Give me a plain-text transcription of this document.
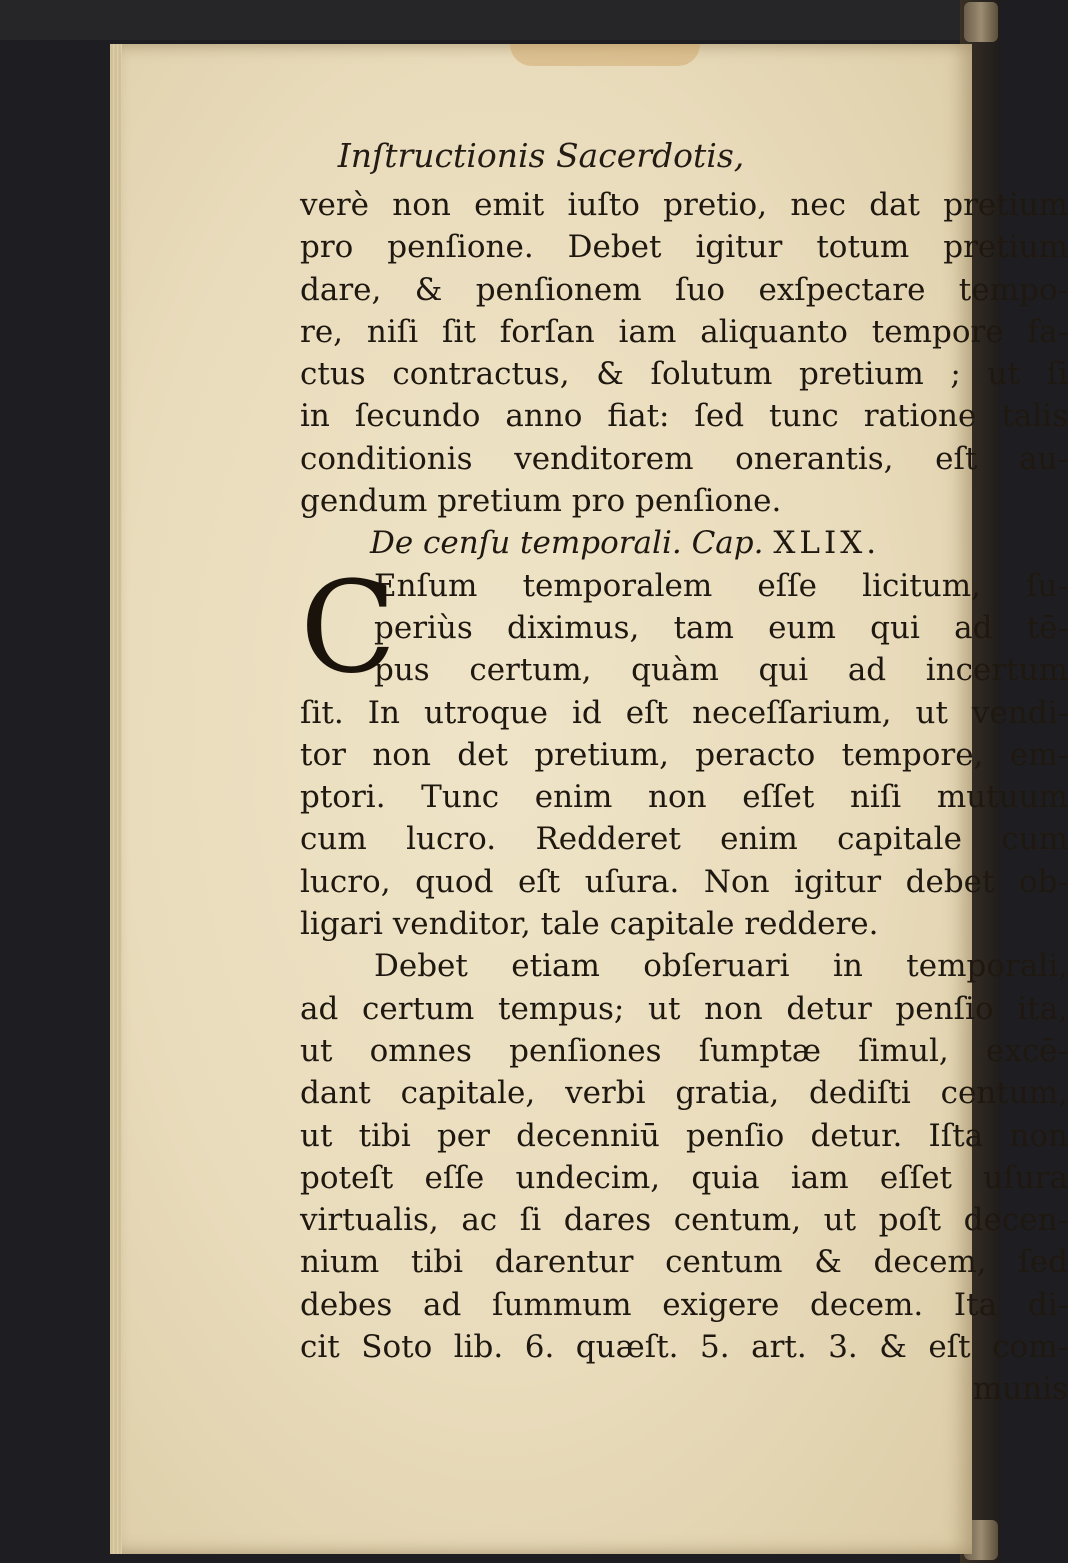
Inſtructionis Sacerdotis,
verè non emit iuſto pretio, nec dat pretium
pro penſione. Debet igitur totum pretium
dare, & penſionem ſuo exſpectare tempo-
re, niſi ſit forſan iam aliquanto tempore fa-
ctus contractus, & ſolutum pretium ; ut ſi
in ſecundo anno fiat: ſed tunc ratione talis
conditionis venditorem onerantis, eſt au-
gendum pretium pro penſione.
De cenſu temporali. Cap. XLIX.
C
Enſum temporalem eſſe licitum, ſu-
periùs diximus, tam eum qui ad tē-
pus certum, quàm qui ad incertum
ſit. In utroque id eſt neceſſarium, ut vendi-
tor non det pretium, peracto tempore, em-
ptori. Tunc enim non eſſet niſi mutuum
cum lucro. Redderet enim capitale cum
lucro, quod eſt uſura. Non igitur debet ob-
ligari venditor, tale capitale reddere.
Debet etiam obſeruari in temporali,
ad certum tempus; ut non detur penſio ita,
ut omnes penſiones ſumptæ ſimul, excē-
dant capitale, verbi gratia, dediſti centum,
ut tibi per decenniū penſio detur. Iſta non
poteſt eſſe undecim, quia iam eſſet uſura
virtualis, ac ſi dares centum, ut poſt decen-
nium tibi darentur centum & decem, ſed
debes ad ſummum exigere decem. Ita di-
cit Soto lib. 6. quæſt. 5. art. 3. & eſt com-
munis
